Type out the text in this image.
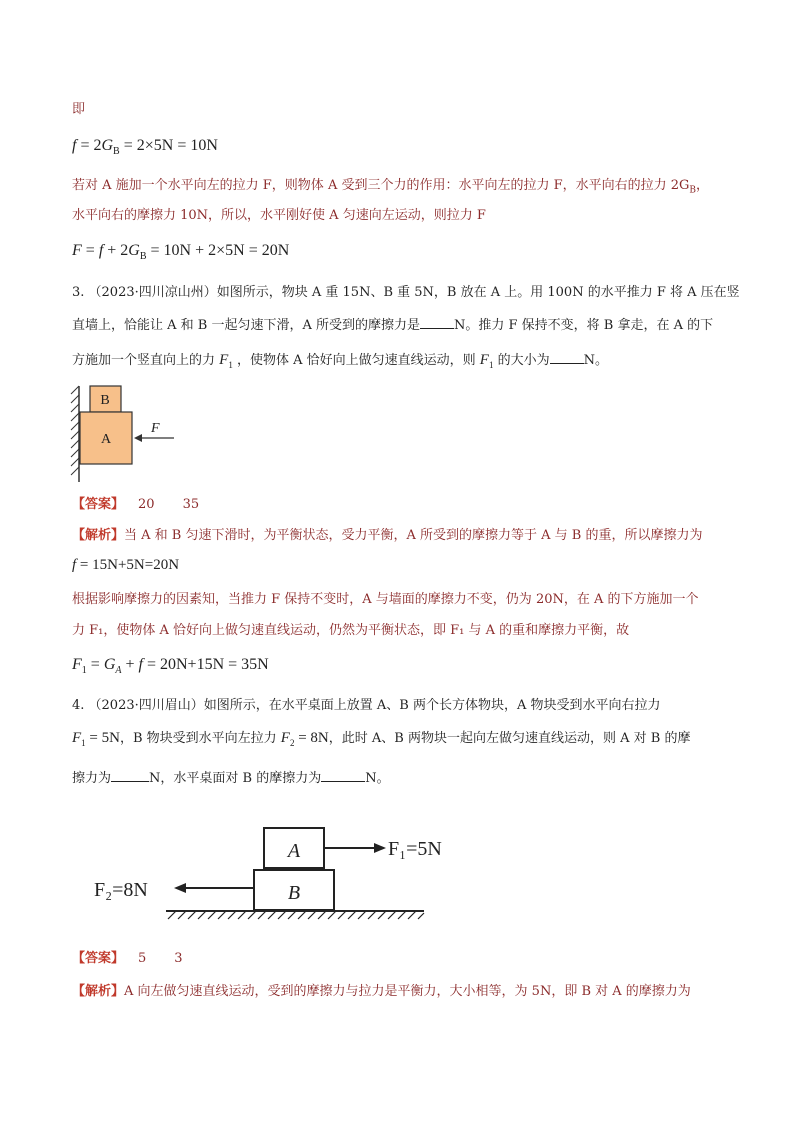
即
$f = 2G_B = 2\times 5N = 10N$
若对 A 施加一个水平向左的拉力 F，则物体 A 受到三个力的作用：水平向左的拉力 F，水平向右的拉力 $2G_B$，
水平向右的摩擦力 10N，所以，水平刚好使 A 匀速向左运动，则拉力 F
$F = f + 2G_B = 10N + 2\times 5N = 20N$
3. （2023·四川凉山州）如图所示，物块 A 重 15N、B 重 5N，B 放在 A 上。用 100N 的水平推力 F 将 A 压在竖
直墙上，恰能让 A 和 B 一起匀速下滑，A 所受到的摩擦力是	N。推力 F 保持不变，将 B 拿走，在 A 的下
方施加一个竖直向上的力 $F_1$ ，使物体 A 恰好向上做匀速直线运动，则 $F_1$ 的大小为	N。
B
A
F
【答案】 20 35
【解析】当 A 和 B 匀速下滑时，为平衡状态，受力平衡，A 所受到的摩擦力等于 A 与 B 的重，所以摩擦力为
f = 15N+5N=20N
根据影响摩擦力的因素知，当推力 F 保持不变时，A 与墙面的摩擦力不变，仍为 20N，在 A 的下方施加一个
力 F₁，使物体 A 恰好向上做匀速直线运动，仍然为平衡状态，即 F₁ 与 A 的重和摩擦力平衡，故
$F_1 = G_A + f = 20N+15N = 35N$
4. （2023·四川眉山）如图所示，在水平桌面上放置 A、B 两个长方体物块，A 物块受到水平向右拉力
$F_1 = 5N$，B 物块受到水平向左拉力 $F_2 = 8N$，此时 A、B 两物块一起向左做匀速直线运动，则 A 对 B 的摩
擦力为	N，水平桌面对 B 的摩擦力为	N。
A
B
F₁=5N
F₂=8N
【答案】 5 3
【解析】A 向左做匀速直线运动，受到的摩擦力与拉力是平衡力，大小相等，为 5N，即 B 对 A 的摩擦力为
